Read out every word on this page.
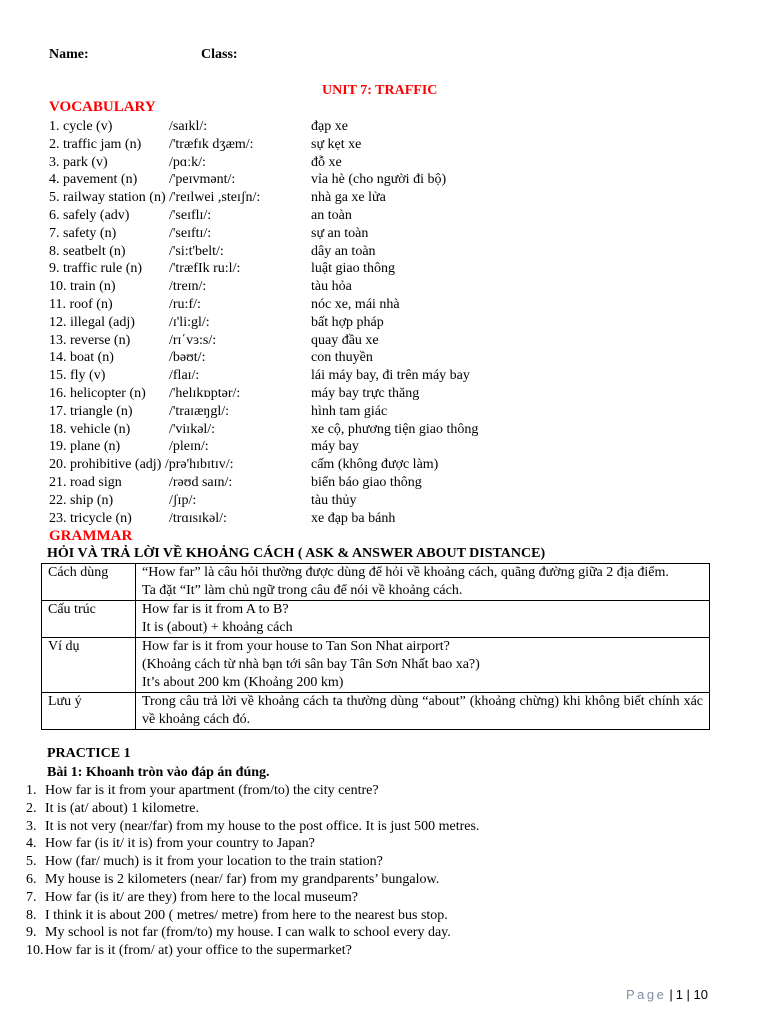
Name:	Class:
UNIT 7: TRAFFIC
VOCABULARY
1. cycle (v)	/saɪkl/:	đạp xe
2. traffic jam (n) /'træfɪk dʒæm/:	sự kẹt xe
3. park (v)	/pɑːk/:	đỗ xe
4. pavement (n) /'peɪvmənt/:	vỉa hè (cho người đi bộ)
5. railway station (n) /'reɪlwei ,steɪʃn/:	nhà ga xe lửa
6. safely (adv)	/'seɪflɪ/:	an toàn
7. safety (n)	/'seɪftɪ/:	sự an toàn
8. seatbelt (n)	/'si:t'belt/:	dây an toàn
9. traffic rule (n) /'træfIk ru:l/:	luật giao thông
10. train (n)	/treɪn/:	tàu hỏa
11. roof (n)	/ru:f/:	nóc xe, mái nhà
12. illegal (adj) /ɪ'li:gl/:	bất hợp pháp
13. reverse (n)	/rɪ΄vɜ:s/:	quay đầu xe
14. boat (n)	/bəʊt/:	con thuyền
15. fly (v)	/flaɪ/:	lái máy bay, đi trên máy bay
16. helicopter (n) /'helɪkɒptər/:	máy bay trực thăng
17. triangle (n)	/'traɪæŋgl/:	hình tam giác
18. vehicle (n)	/'viɪkəl/:	xe cộ, phương tiện giao thông
19. plane (n)	/pleɪn/:	máy bay
20. prohibitive (adj) /prə'hɪbɪtɪv/:	cấm (không được làm)
21. road sign	/rəʊd saɪn/:	biển báo giao thông
22. ship (n)	/ʃɪp/:	tàu thủy
23. tricycle (n)	/trɑɪsɪkəl/:	xe đạp ba bánh
GRAMMAR
HỎI VÀ TRẢ LỜI VỀ KHOẢNG CÁCH ( ASK & ANSWER ABOUT DISTANCE)
Cách dùng	“How far” là câu hỏi thường được dùng để hỏi về khoảng cách, quãng đường giữa 2 địa điểm.
Ta đặt “It” làm chủ ngữ trong câu để nói về khoảng cách.

Cấu trúc	How far is it from A to B?
It is (about) + khoảng cách

Ví dụ	How far is it from your house to Tan Son Nhat airport?
(Khoảng cách từ nhà bạn tới sân bay Tân Sơn Nhất bao xa?)
It’s about 200 km (Khoảng 200 km)

Lưu ý	Trong câu trả lời về khoảng cách ta thường dùng “about” (khoảng chừng) khi không biết chính xác về khoảng cách đó.
PRACTICE 1
Bài 1: Khoanh tròn vào đáp án đúng.
1. How far is it from your apartment (from/to) the city centre?
2. It is (at/ about) 1 kilometre.
3. It is not very (near/far) from my house to the post office. It is just 500 metres.
4. How far (is it/ it is) from your country to Japan?
5. How (far/ much) is it from your location to the train station?
6. My house is 2 kilometers (near/ far) from my grandparents’ bungalow.
7. How far (is it/ are they) from here to the local museum?
8. I think it is about 200 ( metres/ metre) from here to the nearest bus stop.
9. My school is not far (from/to) my house. I can walk to school every day.
10. How far is it (from/ at) your office to the supermarket?
Page | 1 | 10
